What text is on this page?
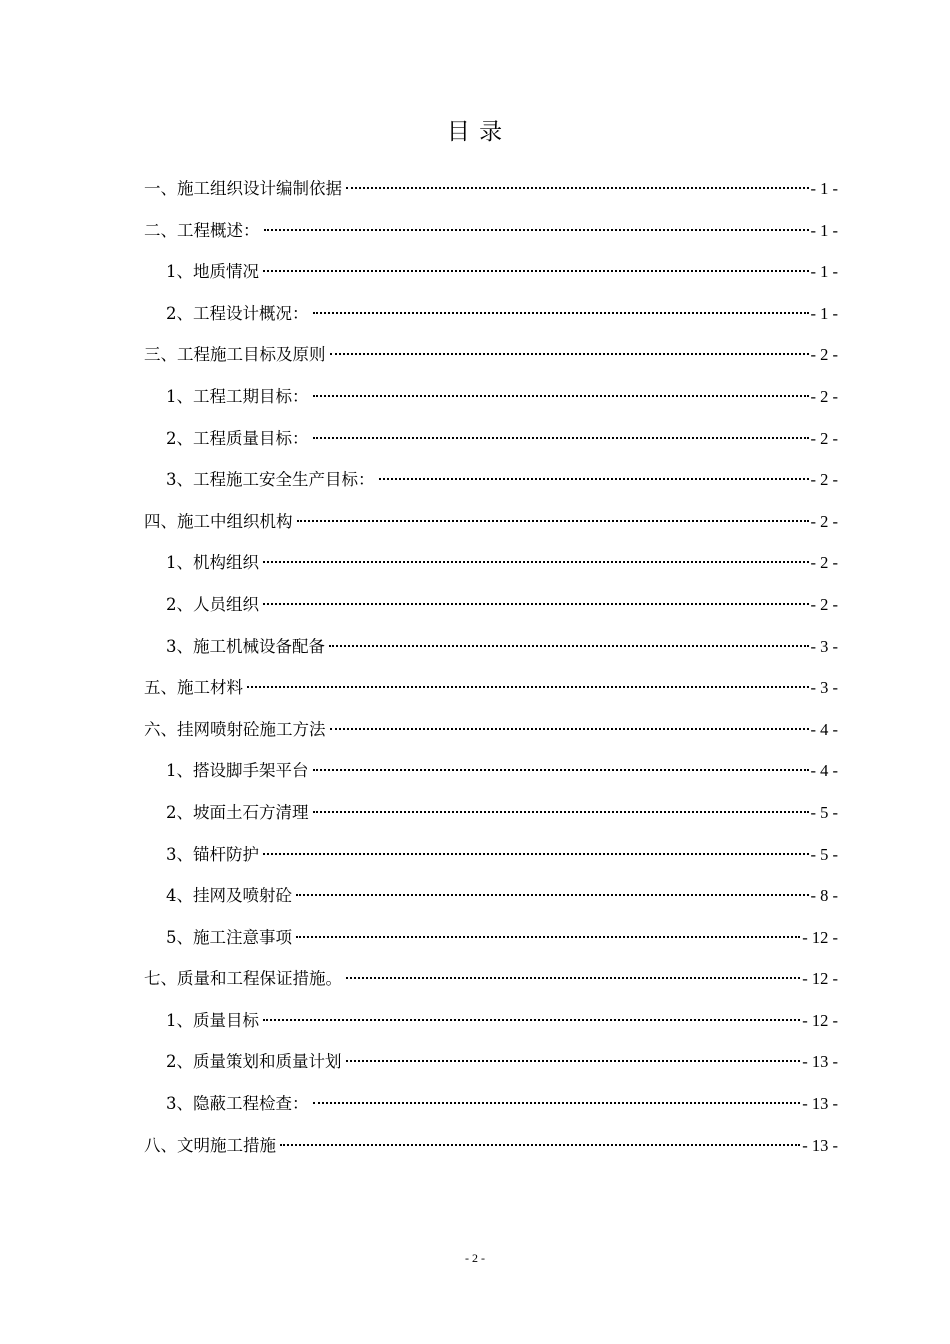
目 录
一、施工组织设计编制依据	- 1 -
二、工程概述：	- 1 -
1、地质情况	- 1 -
2、工程设计概况：	- 1 -
三、工程施工目标及原则	- 2 -
1、工程工期目标：	- 2 -
2、工程质量目标：	- 2 -
3、工程施工安全生产目标：	- 2 -
四、施工中组织机构	- 2 -
1、机构组织	- 2 -
2、人员组织	- 2 -
3、施工机械设备配备	- 3 -
五、施工材料	- 3 -
六、挂网喷射砼施工方法	- 4 -
1、搭设脚手架平台	- 4 -
2、坡面土石方清理	- 5 -
3、锚杆防护	- 5 -
4、挂网及喷射砼	- 8 -
5、施工注意事项	- 12 -
七、质量和工程保证措施。	- 12 -
1、质量目标	- 12 -
2、质量策划和质量计划	- 13 -
3、隐蔽工程检查：	- 13 -
八、文明施工措施	- 13 -
- 2 -
